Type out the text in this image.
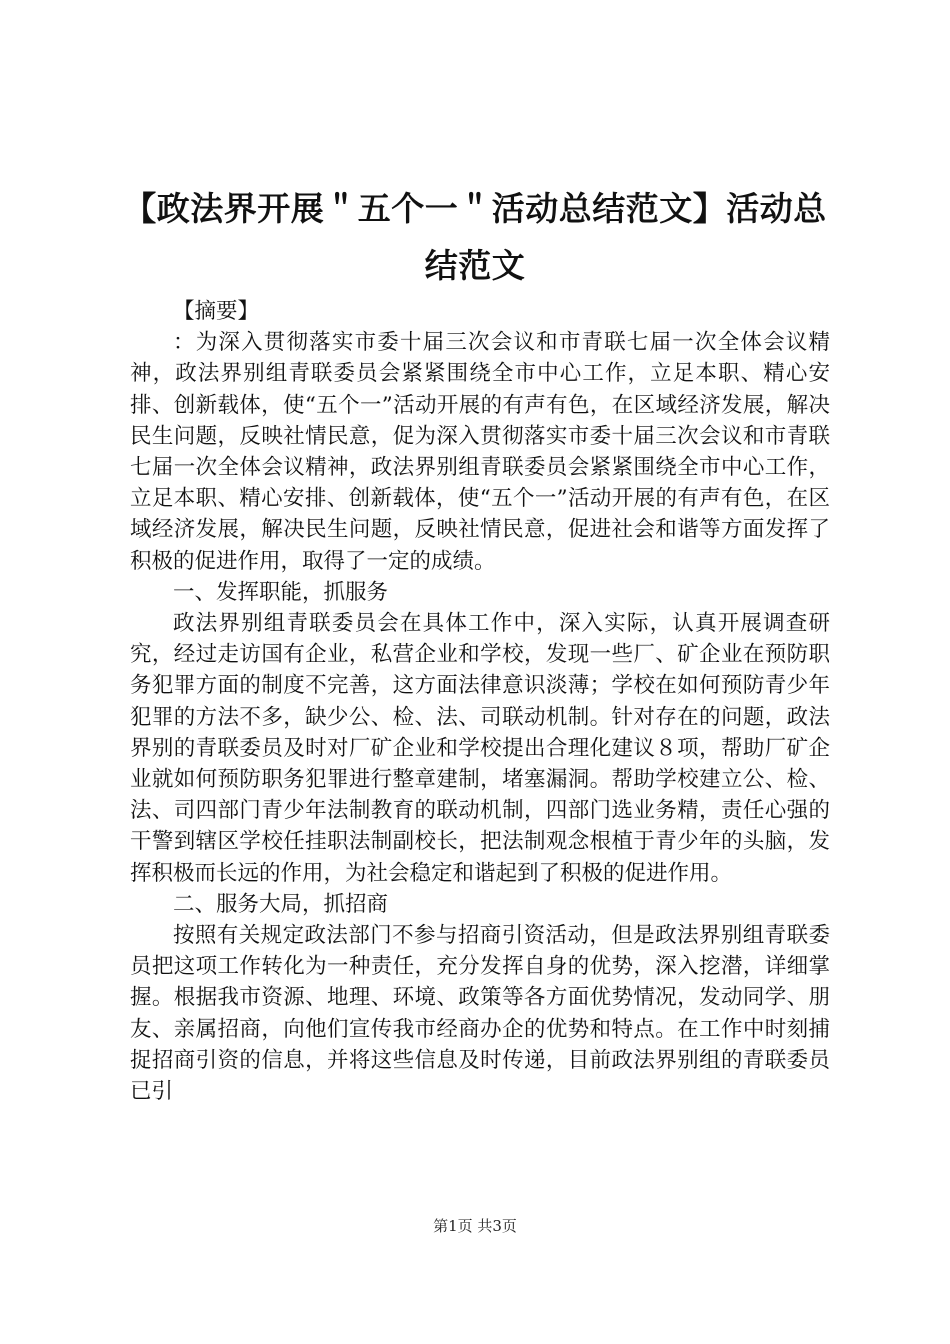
【政法界开展＂五个一＂活动总结范文】活动总结范文

【摘要】

：为深入贯彻落实市委十届三次会议和市青联七届一次全体会议精神，政法界别组青联委员会紧紧围绕全市中心工作，立足本职、精心安排、创新载体，使“五个一”活动开展的有声有色，在区域经济发展，解决民生问题，反映社情民意，促为深入贯彻落实市委十届三次会议和市青联七届一次全体会议精神，政法界别组青联委员会紧紧围绕全市中心工作，立足本职、精心安排、创新载体，使“五个一”活动开展的有声有色，在区域经济发展，解决民生问题，反映社情民意，促进社会和谐等方面发挥了积极的促进作用，取得了一定的成绩。

一、发挥职能，抓服务

政法界别组青联委员会在具体工作中，深入实际，认真开展调查研究，经过走访国有企业，私营企业和学校，发现一些厂、矿企业在预防职务犯罪方面的制度不完善，这方面法律意识淡薄；学校在如何预防青少年犯罪的方法不多，缺少公、检、法、司联动机制。针对存在的问题，政法界别的青联委员及时对厂矿企业和学校提出合理化建议８项，帮助厂矿企业就如何预防职务犯罪进行整章建制，堵塞漏洞。帮助学校建立公、检、法、司四部门青少年法制教育的联动机制，四部门选业务精，责任心强的干警到辖区学校任挂职法制副校长，把法制观念根植于青少年的头脑，发挥积极而长远的作用，为社会稳定和谐起到了积极的促进作用。

二、服务大局，抓招商

按照有关规定政法部门不参与招商引资活动，但是政法界别组青联委员把这项工作转化为一种责任，充分发挥自身的优势，深入挖潜，详细掌握。根据我市资源、地理、环境、政策等各方面优势情况，发动同学、朋友、亲属招商，向他们宣传我市经商办企的优势和特点。在工作中时刻捕捉招商引资的信息，并将这些信息及时传递，目前政法界别组的青联委员已引

第1页 共3页
